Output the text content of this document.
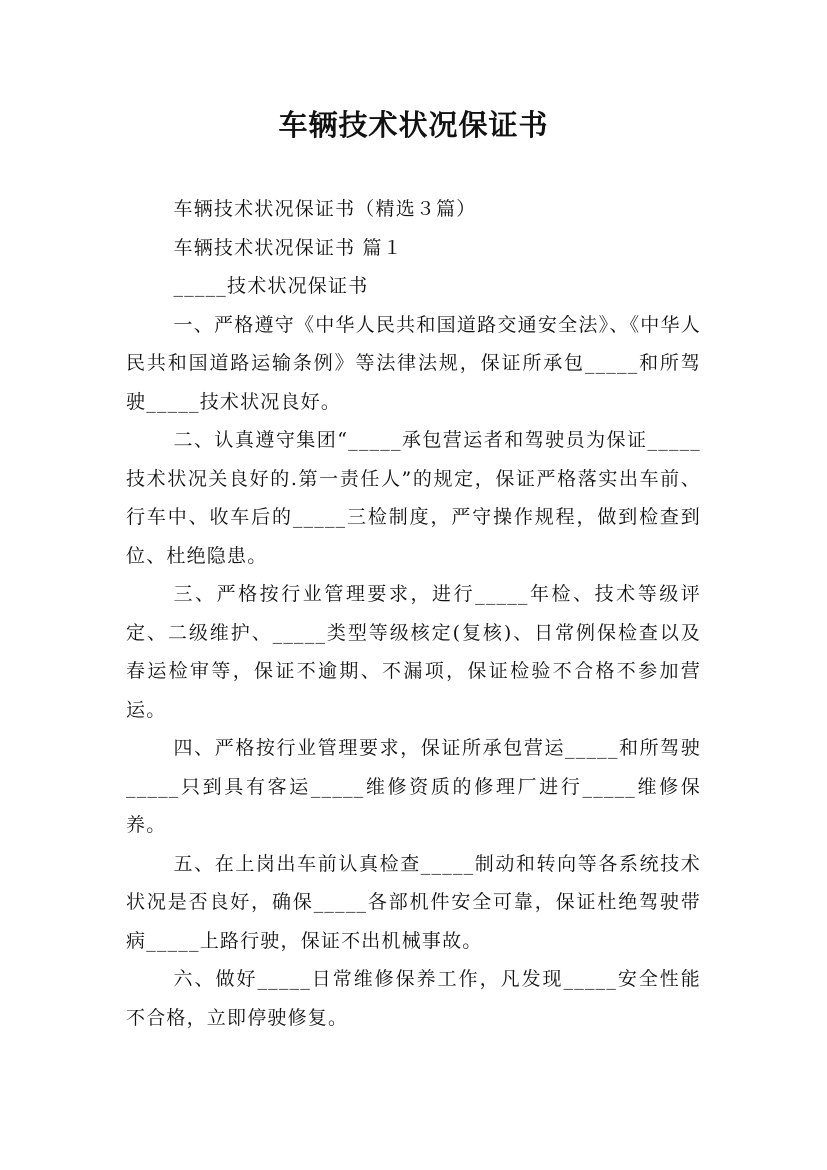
车辆技术状况保证书

车辆技术状况保证书（精选３篇）

车辆技术状况保证书 篇１

_____技术状况保证书

一、严格遵守《中华人民共和国道路交通安全法》、《中华人民共和国道路运输条例》等法律法规，保证所承包_____和所驾驶_____技术状况良好。

二、认真遵守集团“_____承包营运者和驾驶员为保证_____技术状况关良好的.第一责任人”的规定，保证严格落实出车前、行车中、收车后的_____三检制度，严守操作规程，做到检查到位、杜绝隐患。

三、严格按行业管理要求，进行_____年检、技术等级评定、二级维护、_____类型等级核定(复核)、日常例保检查以及春运检审等，保证不逾期、不漏项，保证检验不合格不参加营运。

四、严格按行业管理要求，保证所承包营运_____和所驾驶_____只到具有客运_____维修资质的修理厂进行_____维修保养。

五、在上岗出车前认真检查_____制动和转向等各系统技术状况是否良好，确保_____各部机件安全可靠，保证杜绝驾驶带病_____上路行驶，保证不出机械事故。

六、做好_____日常维修保养工作，凡发现_____安全性能不合格，立即停驶修复。
